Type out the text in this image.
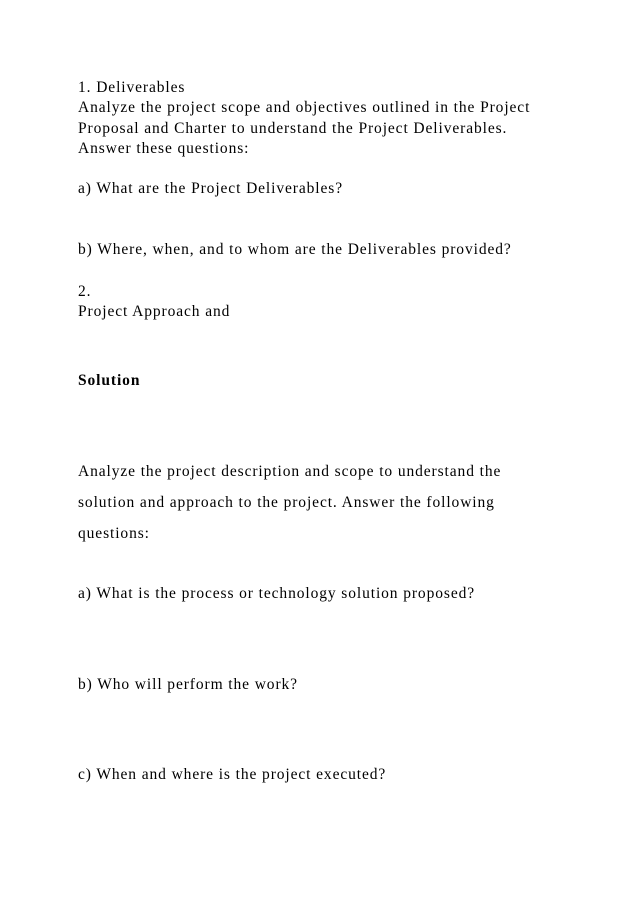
1. Deliverables
Analyze the project scope and objectives outlined in the Project
Proposal and Charter to understand the Project Deliverables.
Answer these questions:
a) What are the Project Deliverables?
b) Where, when, and to whom are the Deliverables provided?
2.
Project Approach and
Solution
Analyze the project description and scope to understand the
solution and approach to the project. Answer the following
questions:
a) What is the process or technology solution proposed?
b) Who will perform the work?
c) When and where is the project executed?
